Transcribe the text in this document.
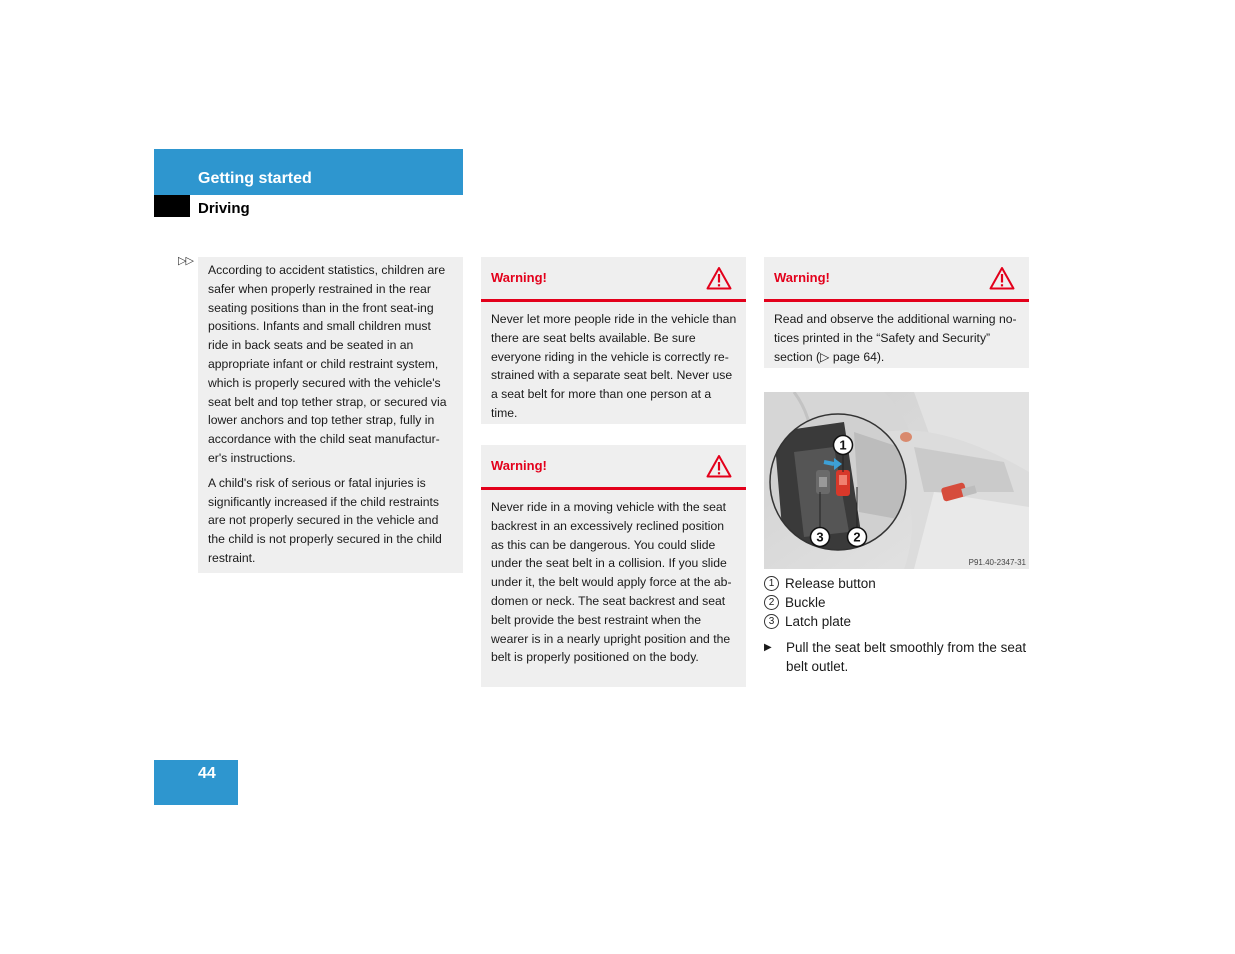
Getting started
Driving
▷▷

According to accident statistics, children are safer when properly restrained in the rear seating positions than in the front seat-ing positions. Infants and small children must ride in back seats and be seated in an appropriate infant or child restraint system, which is properly secured with the vehicle's seat belt and top tether strap, or secured via lower anchors and top tether strap, fully in accordance with the child seat manufactur-er's instructions.

A child's risk of serious or fatal injuries is significantly increased if the child restraints are not properly secured in the vehicle and the child is not properly secured in the child restraint.

Warning!
Never let more people ride in the vehicle than there are seat belts available. Be sure everyone riding in the vehicle is correctly re-strained with a separate seat belt. Never use a seat belt for more than one person at a time.
Warning!
Never ride in a moving vehicle with the seat backrest in an excessively reclined position as this can be dangerous. You could slide under the seat belt in a collision. If you slide under it, the belt would apply force at the ab-domen or neck. The seat backrest and seat belt provide the best restraint when the wearer is in a nearly upright position and the belt is properly positioned on the body.
Warning!
Read and observe the additional warning no-tices printed in the “Safety and Security” section (▷ page 64).
1
3 2
P91.40-2347-31
1 Release button
2 Buckle
3 Latch plate
▶	Pull the seat belt smoothly from the seat belt outlet.
44
